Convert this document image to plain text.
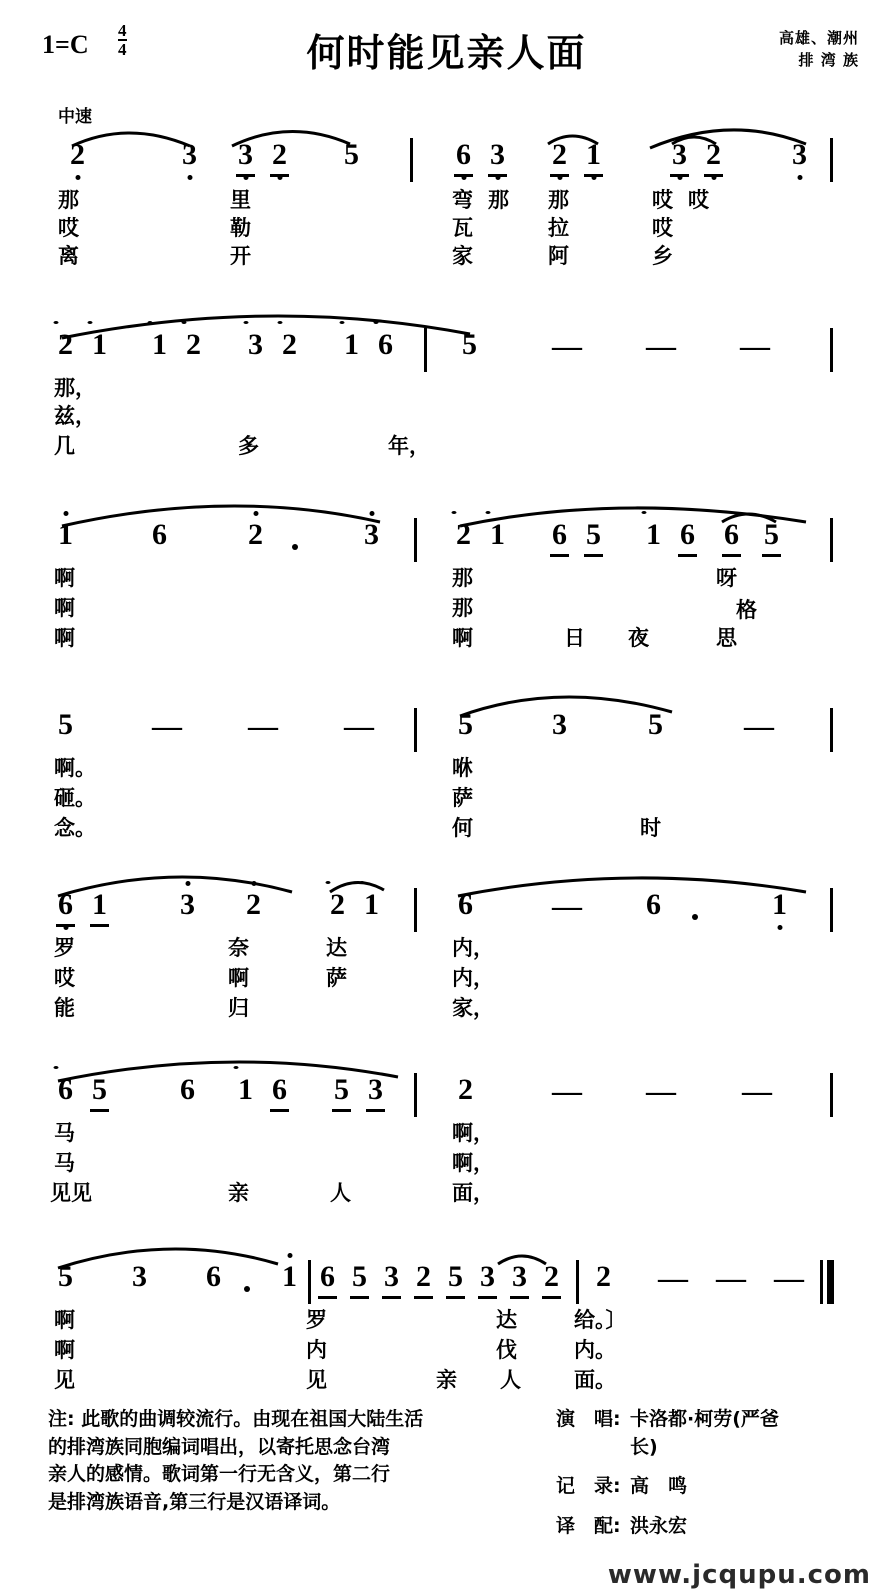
$1=C \frac{4}{4}$	何时能见亲人面	高雄、潮州
排 湾 族
中速
2	3 3 2 5	6 3 2 1 3 2 3
那
哎
离
里
勒
开
弯
瓦
家
那 那
拉
阿
哎
哎
乡
哎
2 1 1 2 3 2 1 6 5	— — —
那，
兹，
几	多	年，
1	6	2	3	2 1 6 5 1 6 6 5
啊
啊
啊
那
那
啊
呀
格
日 夜	思
5	— — —	5	3	5	—
啊。
砸。
念。
咻
萨
何	时
6 1 3 2 2 1	6	— 6	1
罗
哎
能
奈
啊
归
达
萨
内，
内，
家，
6 5 6 1 6 5 3	2	— — —
马
马
见见	亲	人
啊，
啊，
面，
5 3 6 1 6 5 3 2 5 3 3 2 2 — — —
啊
啊
见
罗
内
见	亲
达
伐
人
给。〕
内。
面。
注: 此歌的曲调较流行。由现在祖国大陆生活
的排湾族同胞编词唱出，以寄托思念台湾
亲人的感情。歌词第一行无含义，第二行
是排湾族语音,第三行是汉语译词。
演　唱: 卡洛都·柯劳(严爸
长)
记　录: 高　鸣
译　配: 洪永宏
www.jcqupu.com
